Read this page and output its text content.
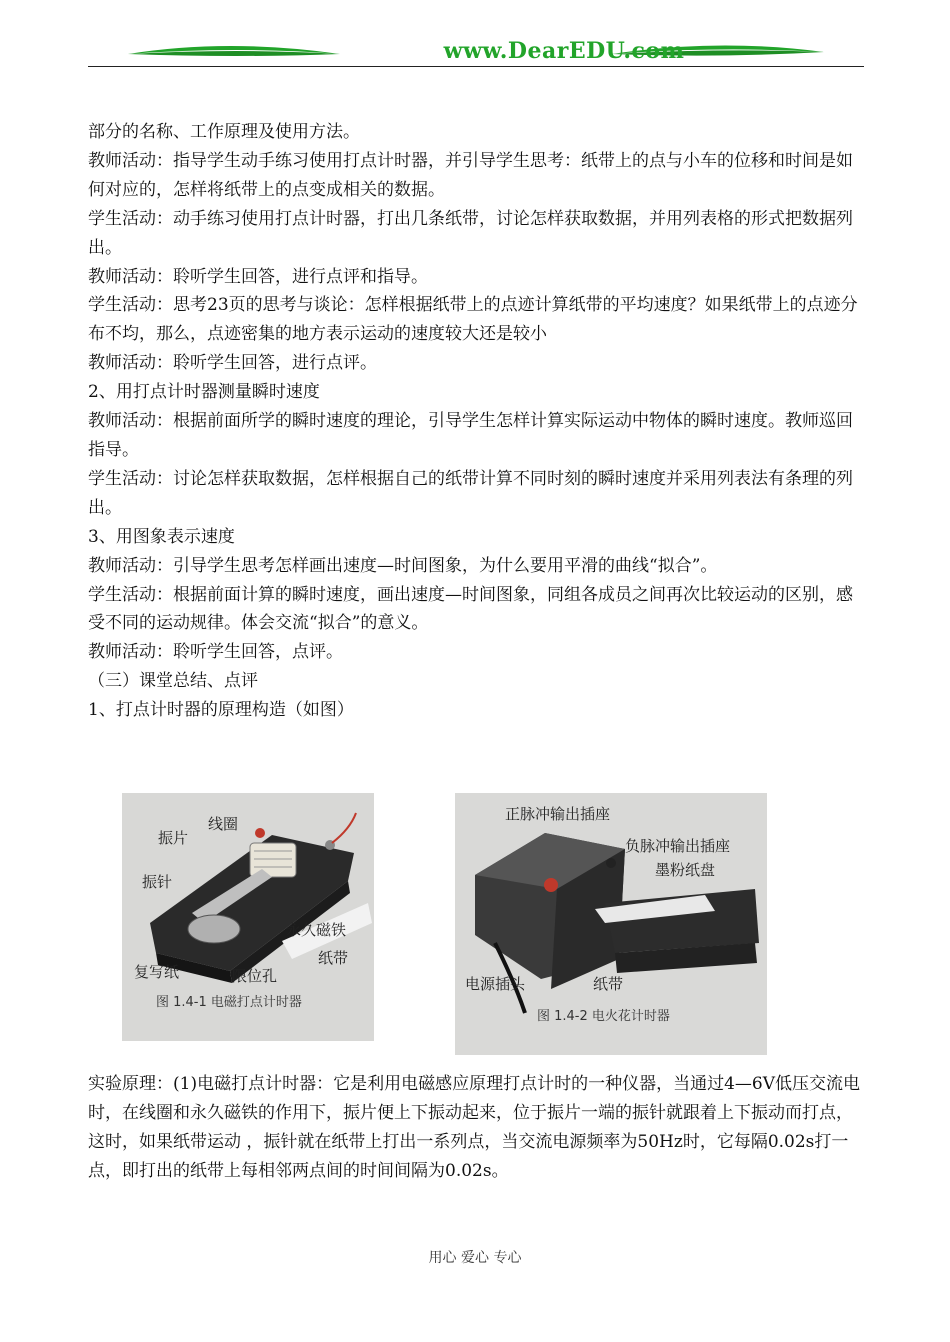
www.DearEDU.com

部分的名称、工作原理及使用方法。

教师活动：指导学生动手练习使用打点计时器，并引导学生思考：纸带上的点与小车的位移和时间是如何对应的，怎样将纸带上的点变成相关的数据。

学生活动：动手练习使用打点计时器，打出几条纸带，讨论怎样获取数据，并用列表格的形式把数据列出。

教师活动：聆听学生回答，进行点评和指导。

学生活动：思考23页的思考与谈论：怎样根据纸带上的点迹计算纸带的平均速度？如果纸带上的点迹分布不均，那么，点迹密集的地方表示运动的速度较大还是较小

教师活动：聆听学生回答，进行点评。

2、用打点计时器测量瞬时速度

教师活动：根据前面所学的瞬时速度的理论，引导学生怎样计算实际运动中物体的瞬时速度。教师巡回指导。

学生活动：讨论怎样获取数据，怎样根据自己的纸带计算不同时刻的瞬时速度并采用列表法有条理的列出。

3、用图象表示速度

教师活动：引导学生思考怎样画出速度—时间图象，为什么要用平滑的曲线“拟合”。

学生活动：根据前面计算的瞬时速度，画出速度—时间图象，同组各成员之间再次比较运动的区别，感受不同的运动规律。体会交流“拟合”的意义。

教师活动：聆听学生回答，点评。

（三）课堂总结、点评

1、打点计时器的原理构造（如图）

线圈
振片
振针
永久磁铁
复写纸	限位孔
纸带
图 1.4-1 电磁打点计时器
正脉冲输出插座
负脉冲输出插座
墨粉纸盘
电源插头	纸带
图 1.4-2 电火花计时器

实验原理：(1)电磁打点计时器：它是利用电磁感应原理打点计时的一种仪器，当通过4—6V低压交流电时，在线圈和永久磁铁的作用下，振片便上下振动起来，位于振片一端的振针就跟着上下振动而打点，这时，如果纸带运动 ，振针就在纸带上打出一系列点，当交流电源频率为50Hz时，它每隔0.02s打一点，即打出的纸带上每相邻两点间的时间间隔为0.02s。

用心 爱心 专心
